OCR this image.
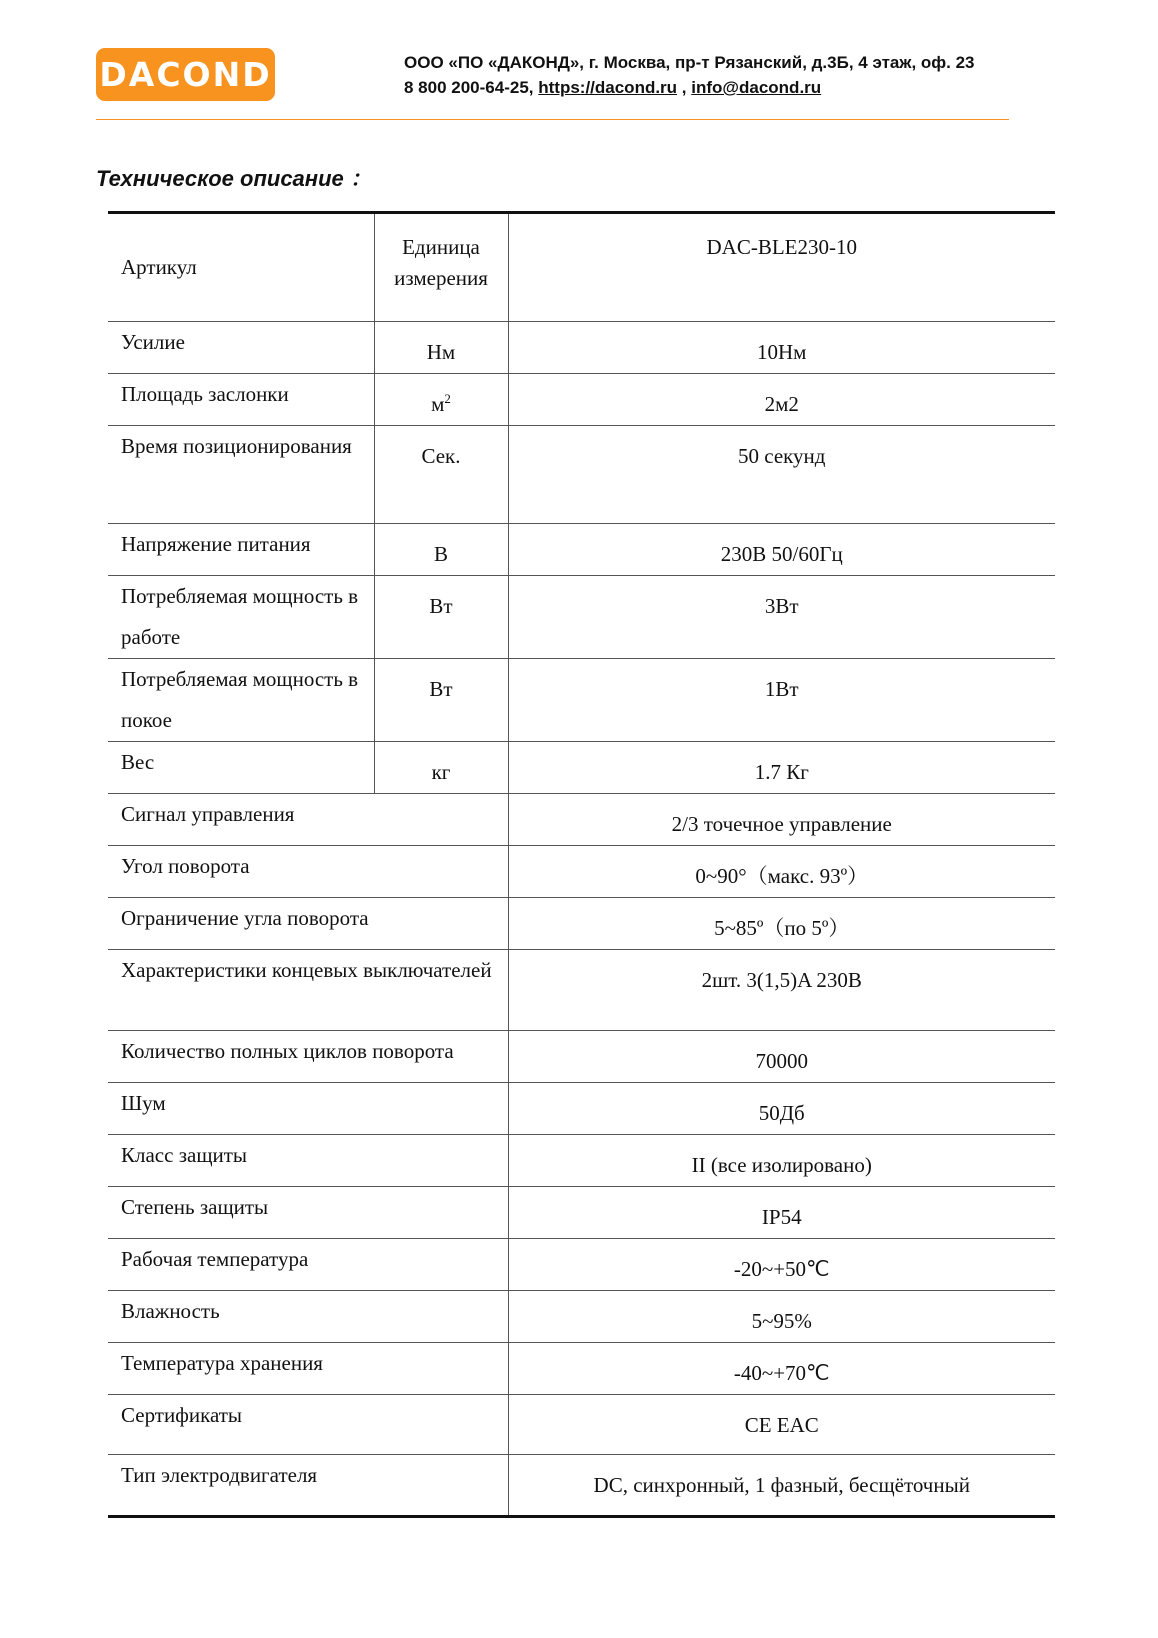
DACOND	ООО «ПО «ДАКОНД», г. Москва, пр-т Рязанский, д.3Б, 4 этаж, оф. 23
8 800 200-64-25, https://dacond.ru , info@dacond.ru
Техническое описание ：
Артикул	Единица измерения	DAC-BLE230-10
Усилие	Нм	10Нм
Площадь заслонки	$м^2$	2м2
Время позиционирования	Сек.	50 секунд
Напряжение питания	В	230В 50/60Гц
Потребляемая мощность в работе	Вт	3Вт
Потребляемая мощность в покое	Вт	1Вт
Вес	кг	1.7 Кг
Сигнал управления		2/3 точечное управление
Угол поворота		0~90°（макс. 93º）
Ограничение угла поворота		5~85º（по 5º）
Характеристики концевых выключателей		2шт. 3(1,5)A 230В
Количество полных циклов поворота		70000
Шум		50Дб
Класс защиты		II (все изолировано)
Степень защиты		IP54
Рабочая температура		-20~+50℃
Влажность		5~95%
Температура хранения		-40~+70℃
Сертификаты		CE EAC
Тип электродвигателя		DC, синхронный, 1 фазный, бесщёточный
